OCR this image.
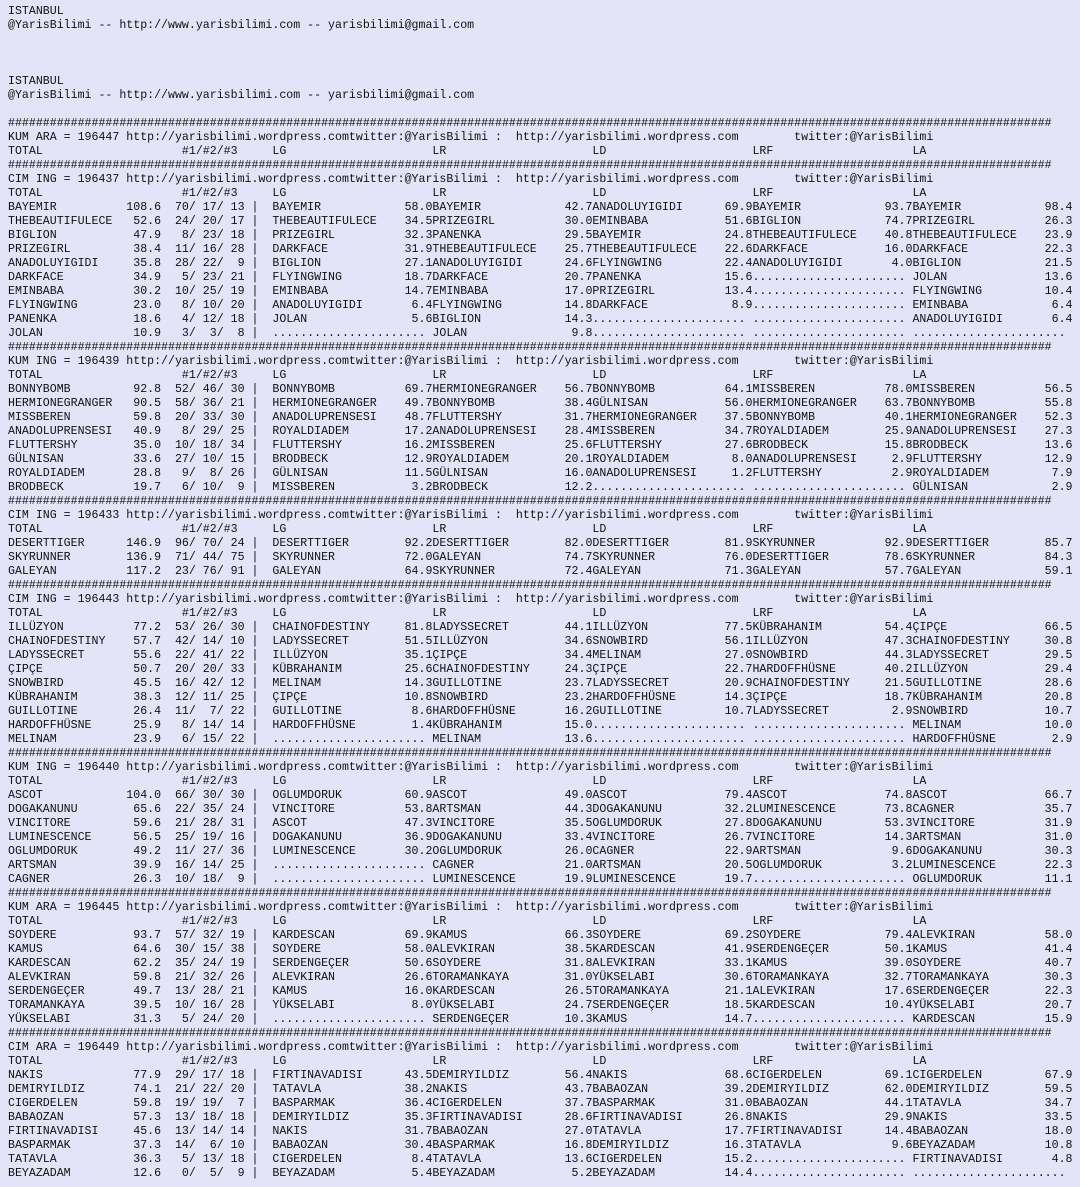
ISTANBUL
@YarisBilimi -- http://www.yarisbilimi.com -- yarisbilimi@gmail.com
ISTANBUL
@YarisBilimi -- http://www.yarisbilimi.com -- yarisbilimi@gmail.com
######################################################################################################################################################
KUM ARA = 196447 http://yarisbilimi.wordpress.comtwitter:@YarisBilimi :  http://yarisbilimi.wordpress.com        twitter:@YarisBilimi
TOTAL                    #1/#2/#3     LG                     LR                     LD                     LRF                    LA
######################################################################################################################################################
CIM ING = 196437 http://yarisbilimi.wordpress.comtwitter:@YarisBilimi :  http://yarisbilimi.wordpress.com        twitter:@YarisBilimi
TOTAL                    #1/#2/#3     LG                     LR                     LD                     LRF                    LA
BAYEMIR          108.6  70/ 17/ 13 |  BAYEMIR            58.0BAYEMIR            42.7ANADOLUYIGIDI      69.9BAYEMIR            93.7BAYEMIR            98.4
THEBEAUTIFULECE   52.6  24/ 20/ 17 |  THEBEAUTIFULECE    34.5PRIZEGIRL          30.0EMINBABA           51.6BIGLION            74.7PRIZEGIRL          26.3
BIGLION           47.9   8/ 23/ 18 |  PRIZEGIRL          32.3PANENKA            29.5BAYEMIR            24.8THEBEAUTIFULECE    40.8THEBEAUTIFULECE    23.9
PRIZEGIRL         38.4  11/ 16/ 28 |  DARKFACE           31.9THEBEAUTIFULECE    25.7THEBEAUTIFULECE    22.6DARKFACE           16.0DARKFACE           22.3
ANADOLUYIGIDI     35.8  28/ 22/  9 |  BIGLION            27.1ANADOLUYIGIDI      24.6FLYINGWING         22.4ANADOLUYIGIDI       4.0BIGLION            21.5
DARKFACE          34.9   5/ 23/ 21 |  FLYINGWING         18.7DARKFACE           20.7PANENKA            15.6...................... JOLAN              13.6
EMINBABA          30.2  10/ 25/ 19 |  EMINBABA           14.7EMINBABA           17.0PRIZEGIRL          13.4...................... FLYINGWING         10.4
FLYINGWING        23.0   8/ 10/ 20 |  ANADOLUYIGIDI       6.4FLYINGWING         14.8DARKFACE            8.9...................... EMINBABA            6.4
PANENKA           18.6   4/ 12/ 18 |  JOLAN               5.6BIGLION            14.3...................... ...................... ANADOLUYIGIDI       6.4
JOLAN             10.9   3/  3/  8 |  ...................... JOLAN               9.8...................... ...................... ......................
######################################################################################################################################################
KUM ING = 196439 http://yarisbilimi.wordpress.comtwitter:@YarisBilimi :  http://yarisbilimi.wordpress.com        twitter:@YarisBilimi
TOTAL                    #1/#2/#3     LG                     LR                     LD                     LRF                    LA
BONNYBOMB         92.8  52/ 46/ 30 |  BONNYBOMB          69.7HERMIONEGRANGER    56.7BONNYBOMB          64.1MISSBEREN          78.0MISSBEREN          56.5
HERMIONEGRANGER   90.5  58/ 36/ 21 |  HERMIONEGRANGER    49.7BONNYBOMB          38.4GÜLNISAN           56.0HERMIONEGRANGER    63.7BONNYBOMB          55.8
MISSBEREN         59.8  20/ 33/ 30 |  ANADOLUPRENSESI    48.7FLUTTERSHY         31.7HERMIONEGRANGER    37.5BONNYBOMB          40.1HERMIONEGRANGER    52.3
ANADOLUPRENSESI   40.9   8/ 29/ 25 |  ROYALDIADEM        17.2ANADOLUPRENSESI    28.4MISSBEREN          34.7ROYALDIADEM        25.9ANADOLUPRENSESI    27.3
FLUTTERSHY        35.0  10/ 18/ 34 |  FLUTTERSHY         16.2MISSBEREN          25.6FLUTTERSHY         27.6BRODBECK           15.8BRODBECK           13.6
GÜLNISAN          33.6  27/ 10/ 15 |  BRODBECK           12.9ROYALDIADEM        20.1ROYALDIADEM         8.0ANADOLUPRENSESI     2.9FLUTTERSHY         12.9
ROYALDIADEM       28.8   9/  8/ 26 |  GÜLNISAN           11.5GÜLNISAN           16.0ANADOLUPRENSESI     1.2FLUTTERSHY          2.9ROYALDIADEM         7.9
BRODBECK          19.7   6/ 10/  9 |  MISSBEREN           3.2BRODBECK           12.2...................... ...................... GÜLNISAN            2.9
######################################################################################################################################################
CIM ING = 196433 http://yarisbilimi.wordpress.comtwitter:@YarisBilimi :  http://yarisbilimi.wordpress.com        twitter:@YarisBilimi
TOTAL                    #1/#2/#3     LG                     LR                     LD                     LRF                    LA
DESERTTIGER      146.9  96/ 70/ 24 |  DESERTTIGER        92.2DESERTTIGER        82.0DESERTTIGER        81.9SKYRUNNER          92.9DESERTTIGER        85.7
SKYRUNNER        136.9  71/ 44/ 75 |  SKYRUNNER          72.0GALEYAN            74.7SKYRUNNER          76.0DESERTTIGER        78.6SKYRUNNER          84.3
GALEYAN          117.2  23/ 76/ 91 |  GALEYAN            64.9SKYRUNNER          72.4GALEYAN            71.3GALEYAN            57.7GALEYAN            59.1
######################################################################################################################################################
CIM ING = 196443 http://yarisbilimi.wordpress.comtwitter:@YarisBilimi :  http://yarisbilimi.wordpress.com        twitter:@YarisBilimi
TOTAL                    #1/#2/#3     LG                     LR                     LD                     LRF                    LA
ILLÜZYON          77.2  53/ 26/ 30 |  CHAINOFDESTINY     81.8LADYSSECRET        44.1ILLÜZYON           77.5KÜBRAHANIM         54.4ÇIPÇE              66.5
CHAINOFDESTINY    57.7  42/ 14/ 10 |  LADYSSECRET        51.5ILLÜZYON           34.6SNOWBIRD           56.1ILLÜZYON           47.3CHAINOFDESTINY     30.8
LADYSSECRET       55.6  22/ 41/ 22 |  ILLÜZYON           35.1ÇIPÇE              34.4MELINAM            27.0SNOWBIRD           44.3LADYSSECRET        29.5
ÇIPÇE             50.7  20/ 20/ 33 |  KÜBRAHANIM         25.6CHAINOFDESTINY     24.3ÇIPÇE              22.7HARDOFFHÜSNE       40.2ILLÜZYON           29.4
SNOWBIRD          45.5  16/ 42/ 12 |  MELINAM            14.3GUILLOTINE         23.7LADYSSECRET        20.9CHAINOFDESTINY     21.5GUILLOTINE         28.6
KÜBRAHANIM        38.3  12/ 11/ 25 |  ÇIPÇE              10.8SNOWBIRD           23.2HARDOFFHÜSNE       14.3ÇIPÇE              18.7KÜBRAHANIM         20.8
GUILLOTINE        26.4  11/  7/ 22 |  GUILLOTINE          8.6HARDOFFHÜSNE       16.2GUILLOTINE         10.7LADYSSECRET         2.9SNOWBIRD           10.7
HARDOFFHÜSNE      25.9   8/ 14/ 14 |  HARDOFFHÜSNE        1.4KÜBRAHANIM         15.0...................... ...................... MELINAM            10.0
MELINAM           23.9   6/ 15/ 22 |  ...................... MELINAM            13.6...................... ...................... HARDOFFHÜSNE        2.9
######################################################################################################################################################
KUM ING = 196440 http://yarisbilimi.wordpress.comtwitter:@YarisBilimi :  http://yarisbilimi.wordpress.com        twitter:@YarisBilimi
TOTAL                    #1/#2/#3     LG                     LR                     LD                     LRF                    LA
ASCOT            104.0  66/ 30/ 30 |  OGLUMDORUK         60.9ASCOT              49.0ASCOT              79.4ASCOT              74.8ASCOT              66.7
DOGAKANUNU        65.6  22/ 35/ 24 |  VINCITORE          53.8ARTSMAN            44.3DOGAKANUNU         32.2LUMINESCENCE       73.8CAGNER             35.7
VINCITORE         59.6  21/ 28/ 31 |  ASCOT              47.3VINCITORE          35.5OGLUMDORUK         27.8DOGAKANUNU         53.3VINCITORE          31.9
LUMINESCENCE      56.5  25/ 19/ 16 |  DOGAKANUNU         36.9DOGAKANUNU         33.4VINCITORE          26.7VINCITORE          14.3ARTSMAN            31.0
OGLUMDORUK        49.2  11/ 27/ 36 |  LUMINESCENCE       30.2OGLUMDORUK         26.0CAGNER             22.9ARTSMAN             9.6DOGAKANUNU         30.3
ARTSMAN           39.9  16/ 14/ 25 |  ...................... CAGNER             21.0ARTSMAN            20.5OGLUMDORUK          3.2LUMINESCENCE       22.3
CAGNER            26.3  10/ 18/  9 |  ...................... LUMINESCENCE       19.9LUMINESCENCE       19.7...................... OGLUMDORUK         11.1
######################################################################################################################################################
KUM ARA = 196445 http://yarisbilimi.wordpress.comtwitter:@YarisBilimi :  http://yarisbilimi.wordpress.com        twitter:@YarisBilimi
TOTAL                    #1/#2/#3     LG                     LR                     LD                     LRF                    LA
SOYDERE           93.7  57/ 32/ 19 |  KARDESCAN          69.9KAMUS              66.3SOYDERE            69.2SOYDERE            79.4ALEVKIRAN          58.0
KAMUS             64.6  30/ 15/ 38 |  SOYDERE            58.0ALEVKIRAN          38.5KARDESCAN          41.9SERDENGEÇER        50.1KAMUS              41.4
KARDESCAN         62.2  35/ 24/ 19 |  SERDENGEÇER        50.6SOYDERE            31.8ALEVKIRAN          33.1KAMUS              39.0SOYDERE            40.7
ALEVKIRAN         59.8  21/ 32/ 26 |  ALEVKIRAN          26.6TORAMANKAYA        31.0YÜKSELABI          30.6TORAMANKAYA        32.7TORAMANKAYA        30.3
SERDENGEÇER       49.7  13/ 28/ 21 |  KAMUS              16.0KARDESCAN          26.5TORAMANKAYA        21.1ALEVKIRAN          17.6SERDENGEÇER        22.3
TORAMANKAYA       39.5  10/ 16/ 28 |  YÜKSELABI           8.0YÜKSELABI          24.7SERDENGEÇER        18.5KARDESCAN          10.4YÜKSELABI          20.7
YÜKSELABI         31.3   5/ 24/ 20 |  ...................... SERDENGEÇER        10.3KAMUS              14.7...................... KARDESCAN          15.9
######################################################################################################################################################
CIM ARA = 196449 http://yarisbilimi.wordpress.comtwitter:@YarisBilimi :  http://yarisbilimi.wordpress.com        twitter:@YarisBilimi
TOTAL                    #1/#2/#3     LG                     LR                     LD                     LRF                    LA
NAKIS             77.9  29/ 17/ 18 |  FIRTINAVADISI      43.5DEMIRYILDIZ        56.4NAKIS              68.6CIGERDELEN         69.1CIGERDELEN         67.9
DEMIRYILDIZ       74.1  21/ 22/ 20 |  TATAVLA            38.2NAKIS              43.7BABAOZAN           39.2DEMIRYILDIZ        62.0DEMIRYILDIZ        59.5
CIGERDELEN        59.8  19/ 19/  7 |  BASPARMAK          36.4CIGERDELEN         37.7BASPARMAK          31.0BABAOZAN           44.1TATAVLA            34.7
BABAOZAN          57.3  13/ 18/ 18 |  DEMIRYILDIZ        35.3FIRTINAVADISI      28.6FIRTINAVADISI      26.8NAKIS              29.9NAKIS              33.5
FIRTINAVADISI     45.6  13/ 14/ 14 |  NAKIS              31.7BABAOZAN           27.0TATAVLA            17.7FIRTINAVADISI      14.4BABAOZAN           18.0
BASPARMAK         37.3  14/  6/ 10 |  BABAOZAN           30.4BASPARMAK          16.8DEMIRYILDIZ        16.3TATAVLA             9.6BEYAZADAM          10.8
TATAVLA           36.3   5/ 13/ 18 |  CIGERDELEN          8.4TATAVLA            13.6CIGERDELEN         15.2...................... FIRTINAVADISI       4.8
BEYAZADAM         12.6   0/  5/  9 |  BEYAZADAM           5.4BEYAZADAM           5.2BEYAZADAM          14.4...................... ......................
